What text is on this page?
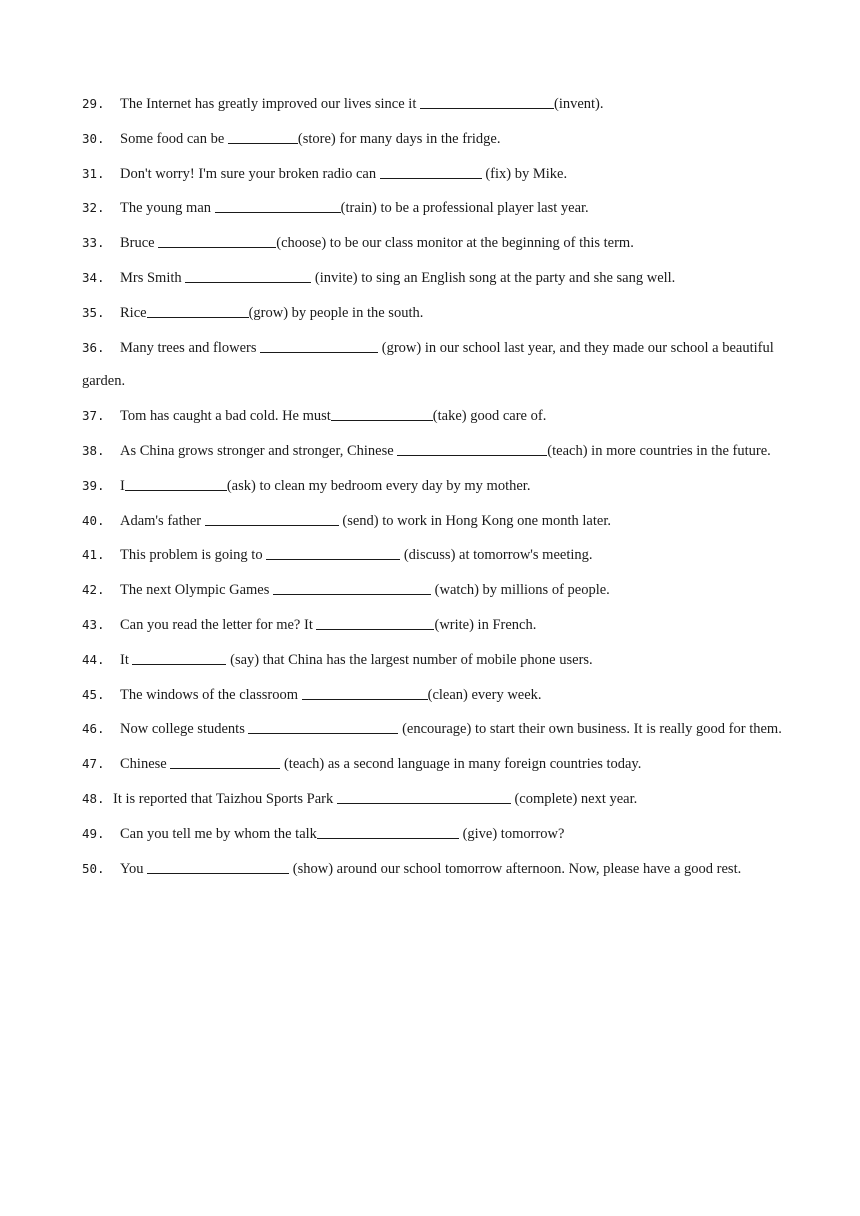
29. The Internet has greatly improved our lives since it	(invent).

30. Some food can be	(store) for many days in the fridge.

31. Don't worry! I'm sure your broken radio can	(fix) by Mike.

32. The young man	(train) to be a professional player last year.

33. Bruce	(choose) to be our class monitor at the beginning of this term.

34. Mrs Smith	(invite) to sing an English song at the party and she sang well.

35. Rice	(grow) by people in the south.

36. Many trees and flowers	(grow) in our school last year, and they made our school a beautiful garden.

37. Tom has caught a bad cold. He must	(take) good care of.

38. As China grows stronger and stronger, Chinese	(teach) in more countries in the future.

39. I	(ask) to clean my bedroom every day by my mother.

40. Adam's father	(send) to work in Hong Kong one month later.

41. This problem is going to	(discuss) at tomorrow's meeting.

42. The next Olympic Games	(watch) by millions of people.

43. Can you read the letter for me? It	(write) in French.

44. It	(say) that China has the largest number of mobile phone users.

45. The windows of the classroom	(clean) every week.

46. Now college students	(encourage) to start their own business. It is really good for them.

47. Chinese	(teach) as a second language in many foreign countries today.

48. It is reported that Taizhou Sports Park	(complete) next year.

49. Can you tell me by whom the talk	(give) tomorrow?

50. You	(show) around our school tomorrow afternoon. Now, please have a good rest.
